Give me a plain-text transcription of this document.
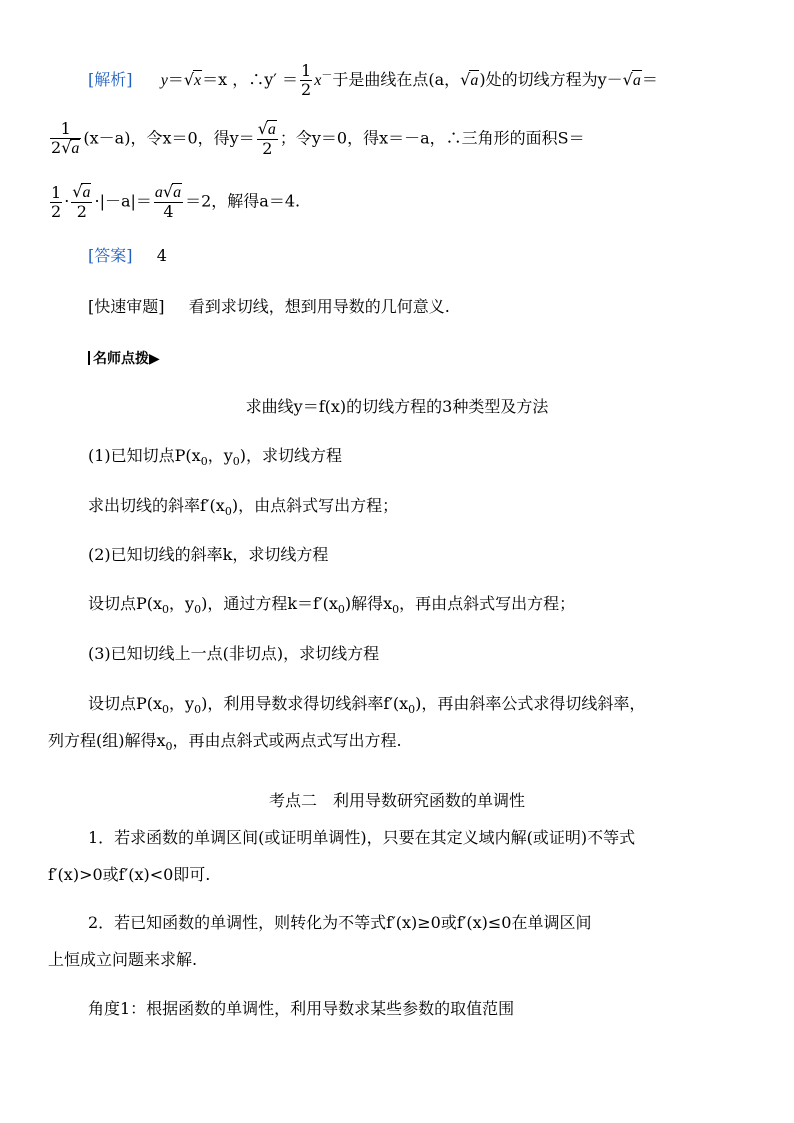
[解析] y＝√x＝x ，∴y′ ＝ $\frac{1}{2} x^-$于是曲线在点(a，√a)处的切线方程为y－√a＝
$\frac{1}{2√a} (x-a)$，令x＝0，得$y= \frac{√a}{2}$ ；令y＝0，得x＝－a，∴三角形的面积S＝
$\frac{1}{2} \cdot \frac{√a}{2} \cdot|-a|= \frac{a√a}{4} =2$，解得a＝4.
[答案] 4
[快速审题] 看到求切线，想到用导数的几何意义.
名师点拨▶
求曲线y＝f(x)的切线方程的3种类型及方法
(1)已知切点$P(x_0$，$y_0$)，求切线方程
求出切线的斜率$f'(x_0)$，由点斜式写出方程；
(2)已知切线的斜率k，求切线方程
设切点$P(x_0$，$y_0$)，通过方程$k=f'(x_0)$解得$x_0$，再由点斜式写出方程；
(3)已知切线上一点(非切点)，求切线方程
设切点$P(x_0$，$y_0$)，利用导数求得切线斜率$f'(x_0)$，再由斜率公式求得切线斜率，
列方程(组)解得$x_0$，再由点斜式或两点式写出方程.
考点二　利用导数研究函数的单调性
1．若求函数的单调区间(或证明单调性)，只要在其定义域内解(或证明)不等式
f′(x)>0或f′(x)<0即可.
2．若已知函数的单调性，则转化为不等式f′(x)≥0或f′(x)≤0在单调区间
上恒成立问题来求解.
角度1：根据函数的单调性，利用导数求某些参数的取值范围
